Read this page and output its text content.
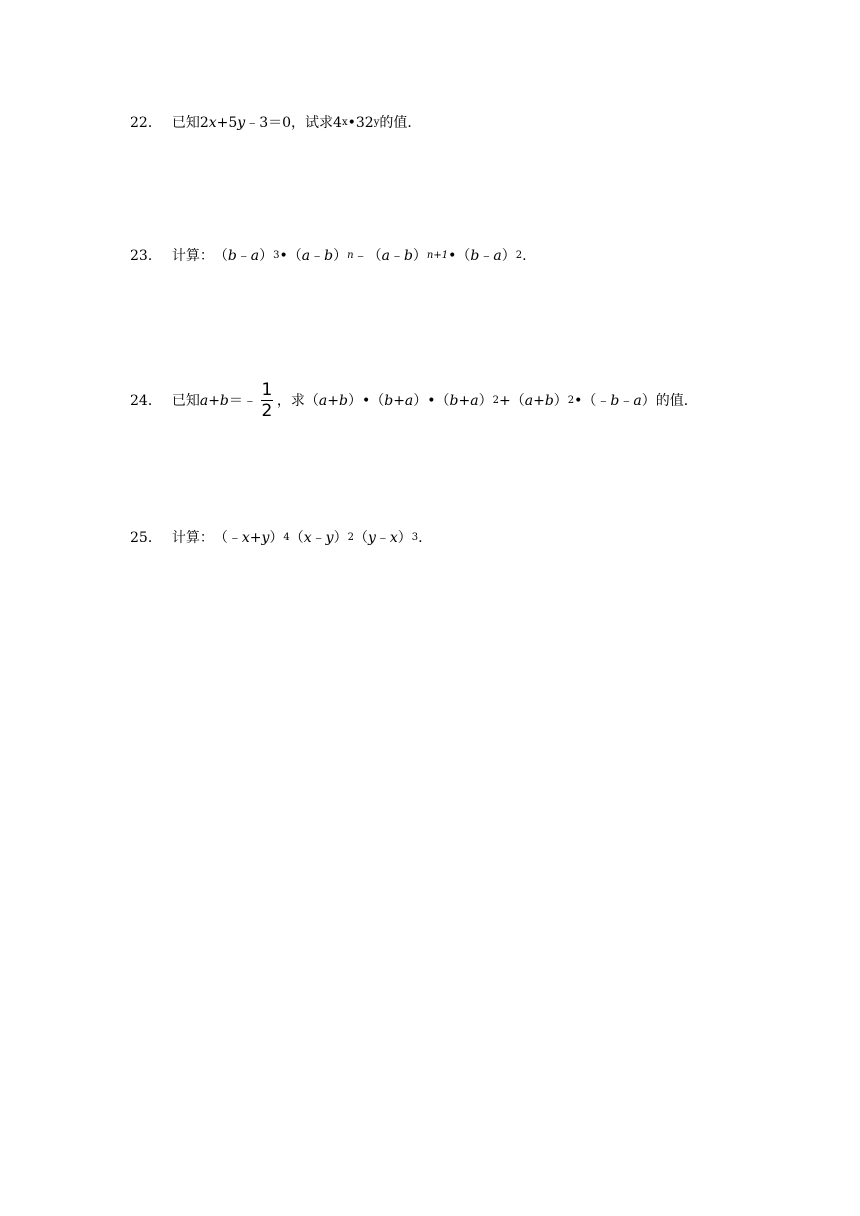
22． 已知 2 x +5 y ﹣3＝0 ，试求 4 x •32 y 的值．
23． 计算： （ b ﹣ a ） 3 •（ a ﹣ b ） n ﹣（ a ﹣ b ） n+1 •（ b ﹣ a ） 2 .
24． 已知 a + b ＝﹣ $\frac{1}{2}$ ，求（ a + b ）•（ b + a ）•（ b + a ） 2 +（ a + b ） 2 •（﹣ b ﹣ a ） 的值．
25． 计算： （﹣ x + y ） 4 （ x ﹣ y ） 2 （ y ﹣ x ） 3 .
